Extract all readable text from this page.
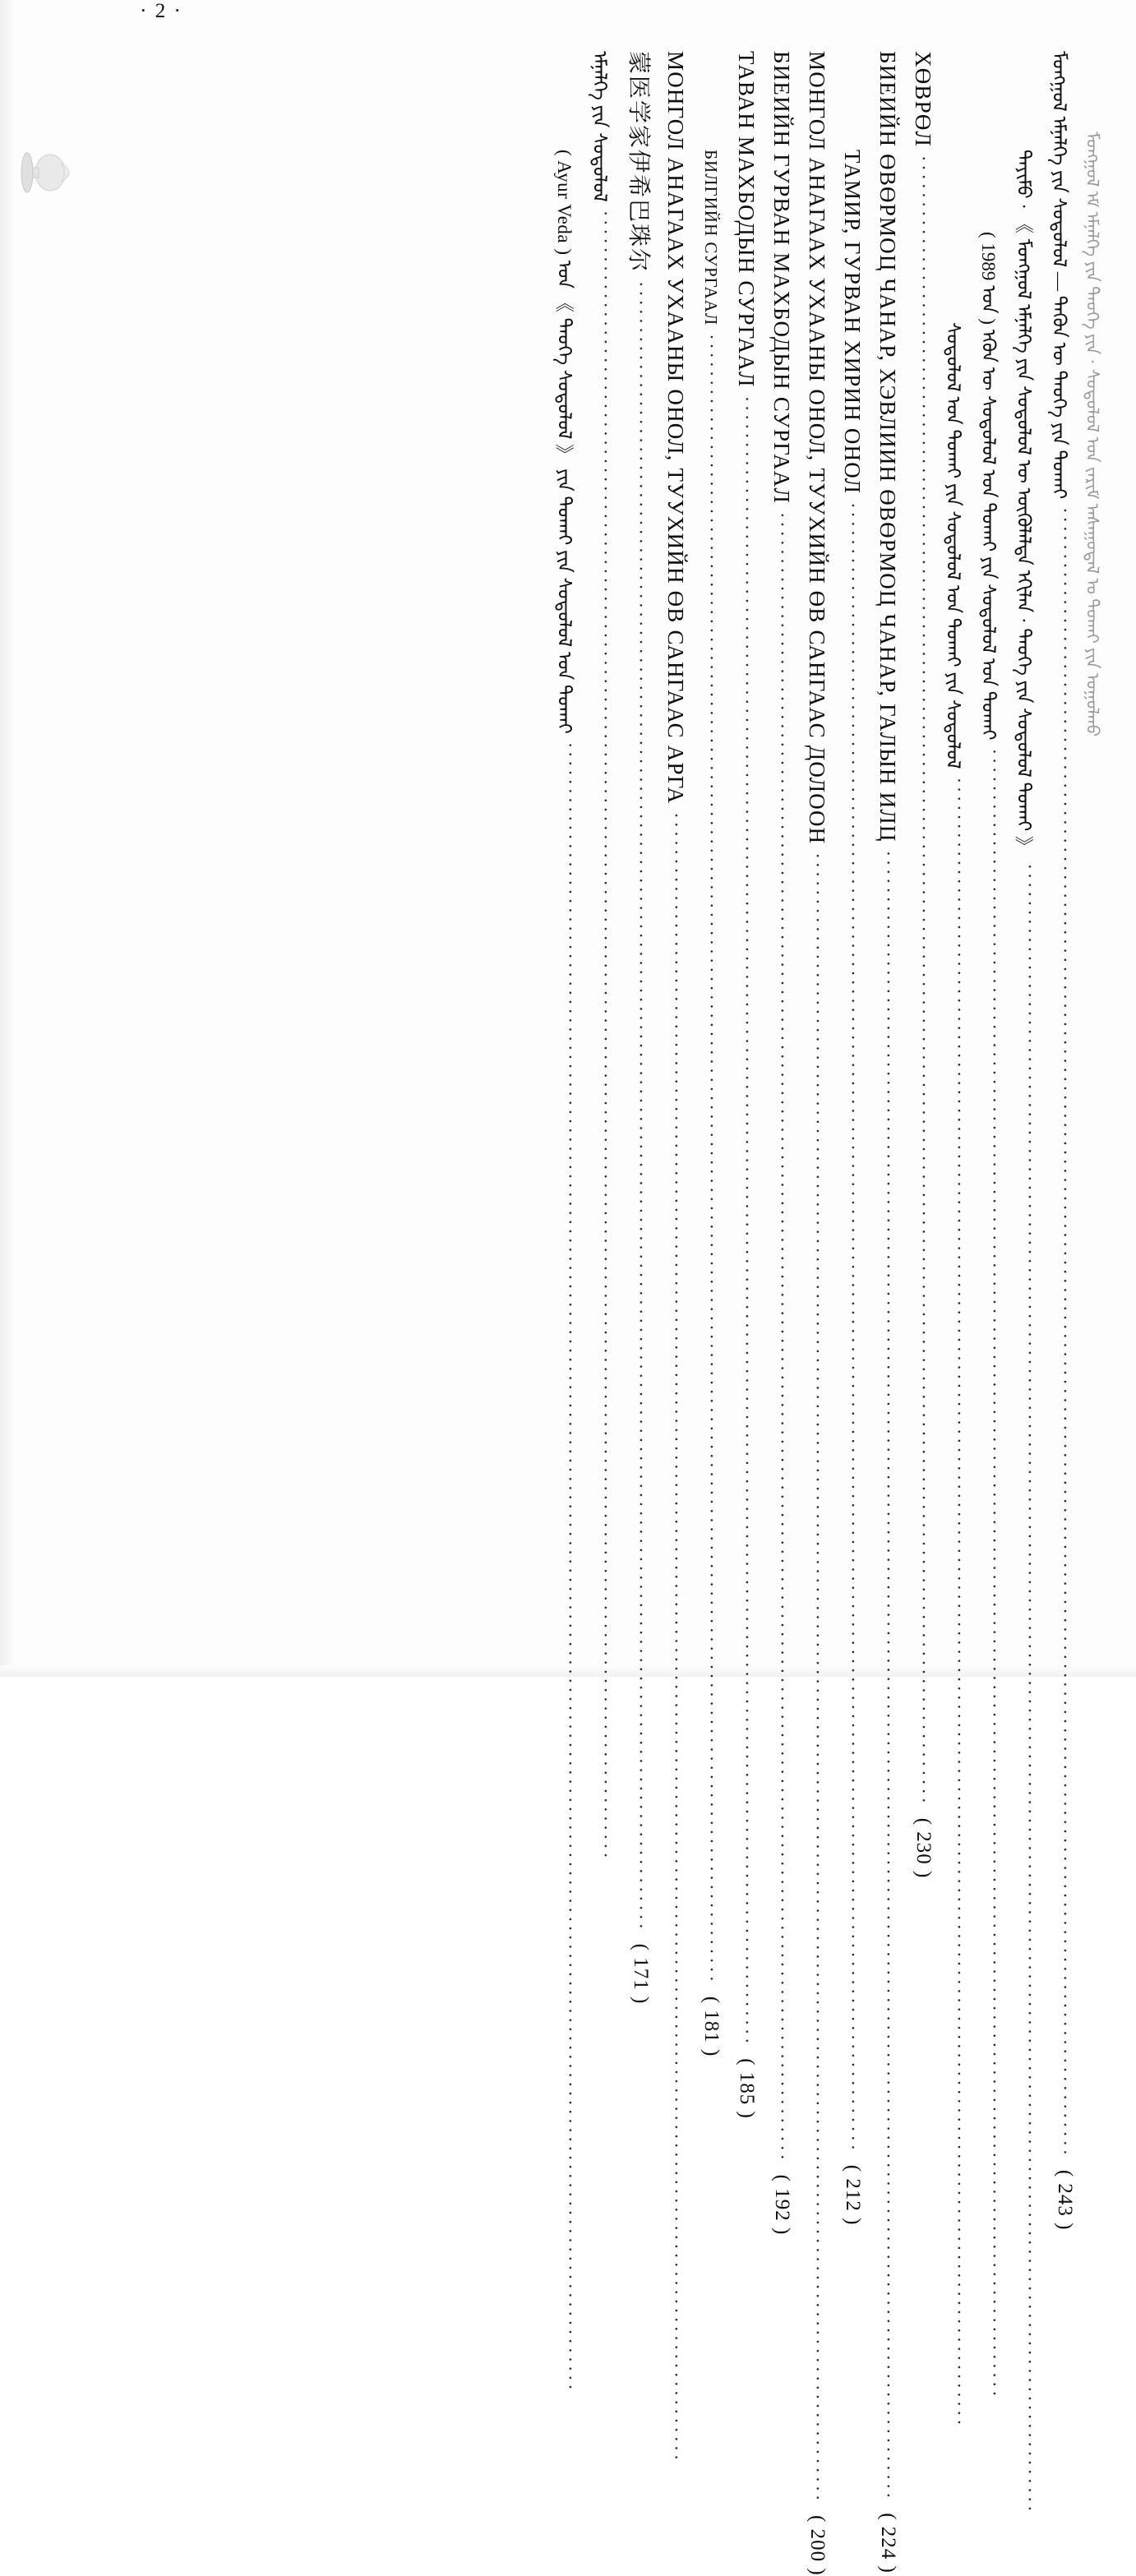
· 2 ·
ᠮᠣᠨᠭᠭᠣᠯ ᠡᠮ ᠡᠮᠨᠡᠯᠭᠡ ᠶᠢᠨ ᠲᠡᠦᠬᠡ ᠶᠢᠨ · ᠰᠤᠳᠤᠯᠤᠯ ᠤᠨ ᠵᠠᠷᠢᠮ ᠠᠰᠠᠭᠤᠳᠠᠯ ᠤ ᠲᠤᠬᠠᠢ ᠶᠢᠨ ᠤᠭᠤᠯᠬᠤ
ᠮᠣᠨᠭᠭᠣᠯ ᠡᠮᠨᠡᠯᠭᠡ ᠶᠢᠨ ᠰᠤᠳᠤᠯᠤᠯ — ᠲᠡᠭᠦᠨ ᠦ ᠲᠡᠦᠬᠡ ᠶᠢᠨ ᠲᠤᠬᠠᠢ
····················································································································································································
( 243 )
ᠲᠡᠶᠢᠮᠦ · 《 ᠮᠣᠨᠭᠭᠣᠯ ᠡᠮᠨᠡᠯᠭᠡ ᠶᠢᠨ ᠰᠤᠳᠤᠯᠤᠯ ᠦ ᠦᠭᠦᠯᠡᠯᠲᠡ ᠡᠬᠢᠯᠡᠨ · ᠲᠡᠦᠬᠡ ᠶᠢᠨ ᠰᠤᠳᠤᠯᠤᠯ ᠲᠤᠬᠠᠢ 》
····················································································································································································
( 1989 ᠣᠨ ) ᠡᠭᠦᠨ ᠦ ᠰᠤᠳᠤᠯᠤᠯ ᠤᠨ ᠲᠤᠬᠠᠢ ᠶᠢᠨ ᠰᠤᠳᠤᠯᠤᠯ ᠤᠨ ᠲᠤᠬᠠᠢ
····················································································································································································
ᠰᠤᠳᠤᠯᠤᠯ ᠤᠨ ᠲᠤᠬᠠᠢ ᠶᠢᠨ ᠰᠤᠳᠤᠯᠤᠯ ᠤᠨ ᠲᠤᠬᠠᠢ ᠶᠢᠨ ᠰᠤᠳᠤᠯᠤᠯ
····················································································································································································
ХӨВРӨЛ
····················································································································································································
( 230 )
БИЕИЙН ӨВӨРМОЦ ЧАНАР, ХЭВЛИИН ӨВӨРМОЦ ЧАНАР, ГАЛЫН ИЛЦ
····················································································································································································
( 224 )
ТАМИР, ГУРВАН ХИРИН ОНОЛ
····················································································································································································
( 212 )
МОНГОЛ АНАГААХ УХААНЫ ОНОЛ, ТУУХИЙН ӨВ САНГААС ДОЛООН
····················································································································································································
( 200 )
БИЕИЙН ГУРВАН МАХБОДЫН СУРГААЛ
····················································································································································································
( 192 )
ТАВАН МАХБОДЫН СУРГААЛ
····················································································································································································
( 185 )
БИЛГИЙН СУРГААЛ
····················································································································································································
( 181 )
МОНГОЛ АНАГААХ УХААНЫ ОНОЛ, ТУУХИЙН ӨВ САНГААС АРГА
····················································································································································································
蒙医学家伊希巴珠尔
····················································································································································································
( 171 )
ᠡᠮᠨᠡᠯᠭᠡ ᠶᠢᠨ ᠰᠤᠳᠤᠯᠤᠯ
····················································································································································································
( Ayur Veda ) ᠤᠨ 《 ᠲᠡᠦᠬᠡ ᠰᠤᠳᠤᠯᠤᠯ 》 ᠶᠢᠨ ᠲᠤᠬᠠᠢ ᠶᠢᠨ ᠰᠤᠳᠤᠯᠤᠯ ᠤᠨ ᠲᠤᠬᠠᠢ
····················································································································································································
